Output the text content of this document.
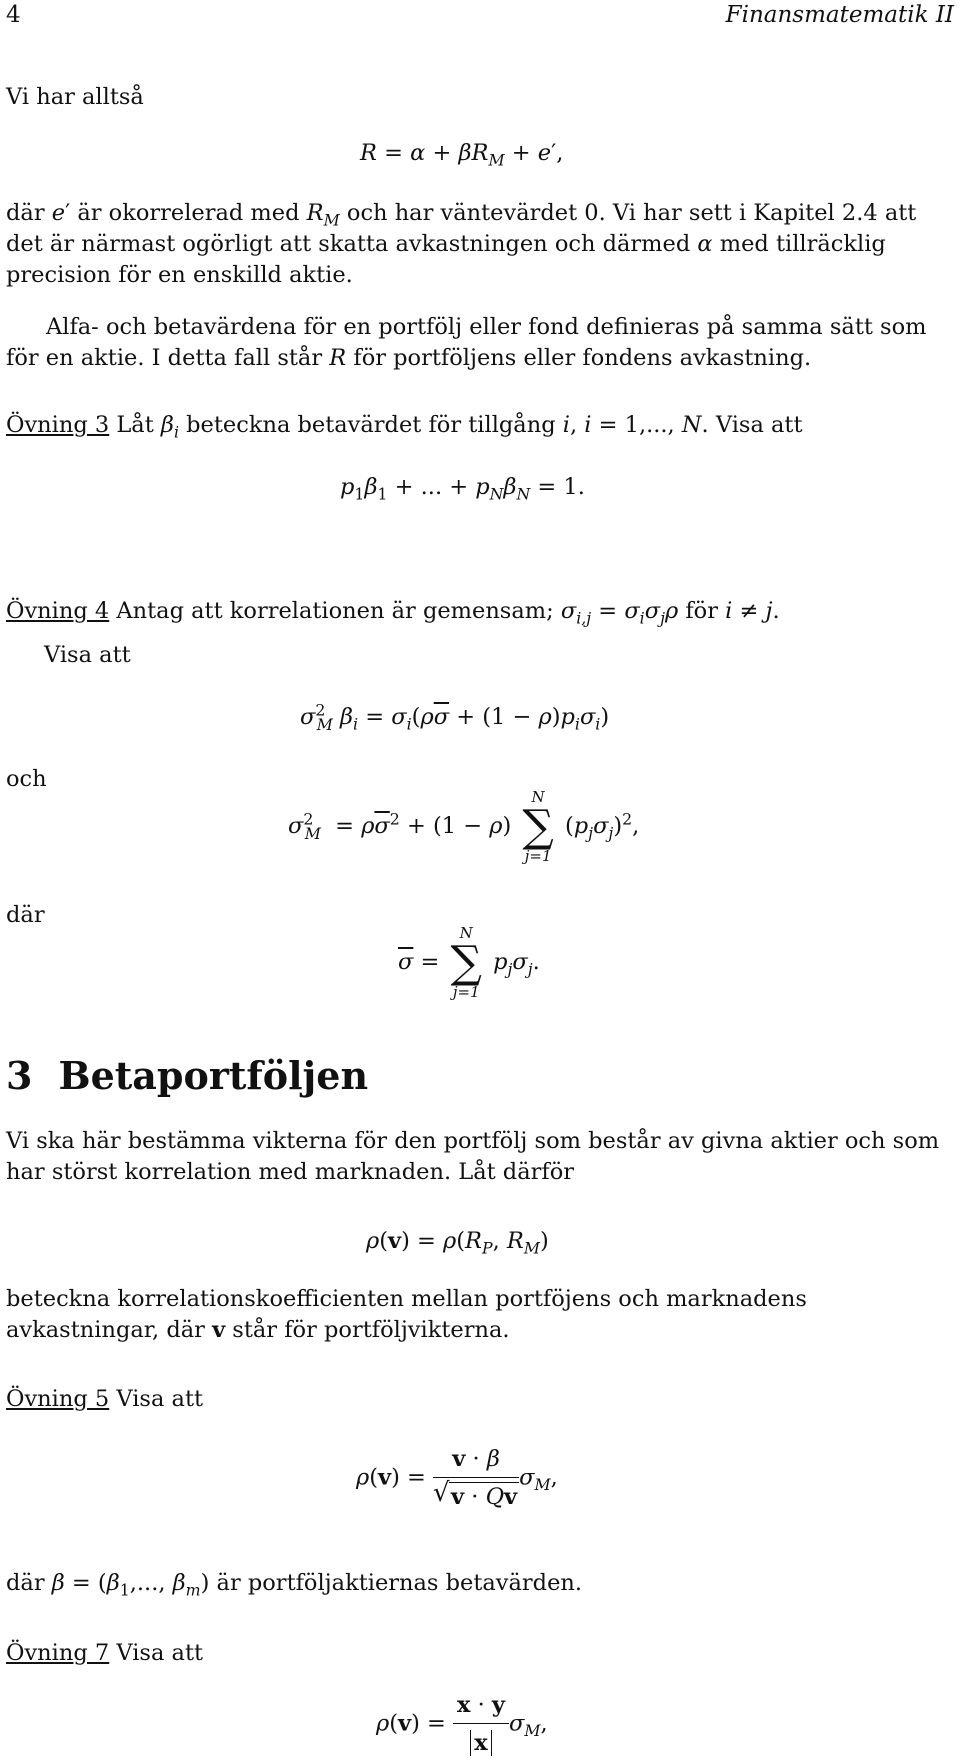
4	Finansmatematik II

Vi har alltså

$R = \alpha + \beta R_M + e'$,

där e′ är okorrelerad med $R_M$ och har väntevärdet 0. Vi har sett i Kapitel 2.4 att det är närmast ogörligt att skatta avkastningen och därmed α med tillräcklig precision för en enskilld aktie.

Alfa- och betavärdena för en portfölj eller fond definieras på samma sätt som för en aktie. I detta fall står R för portföljens eller fondens avkastning.

Övning 3 Låt $\beta_i$ beteckna betavärdet för tillgång i, i = 1,..., N. Visa att

$p_1\beta_1$ + ... + $p_N\beta_N = 1$.

Övning 4 Antag att korrelationen är gemensam; $\sigma_{i,j} = \sigma_i\sigma_j\rho$ för i ≠ j.

Visa att

$\sigma^2_M$ $\beta_i = \sigma_i(\rho\overline{\sigma} + (1 - \rho)p_i\sigma_i)$

och

$\sigma^2_M = \rho\overline{\sigma}^2 + (1 - \rho)$
N
∑
j=1
$(p_j\sigma_j)^2$,

där

$\overline{\sigma}$ =
N
∑
j=1
$p_j\sigma_j$.
3 Betaportföljen

Vi ska här bestämma vikterna för den portfölj som består av givna aktier och som har störst korrelation med marknaden. Låt därför

$\rho(v) = \rho(R_P$, $R_M$)

beteckna korrelationskoefficienten mellan portföjens och marknadens avkastningar, där v står för portföljvikterna.

Övning 5 Visa att

$\rho(v) = \frac{v \cdot \beta}{√ v \cdot Qv} \sigma_M$,

där $\beta = (\beta_1$,..., $\beta_m$) är portföljaktiernas betavärden.

Övning 7 Visa att

$\rho(v) = \frac{x \cdot y}{x} \sigma_M$,
